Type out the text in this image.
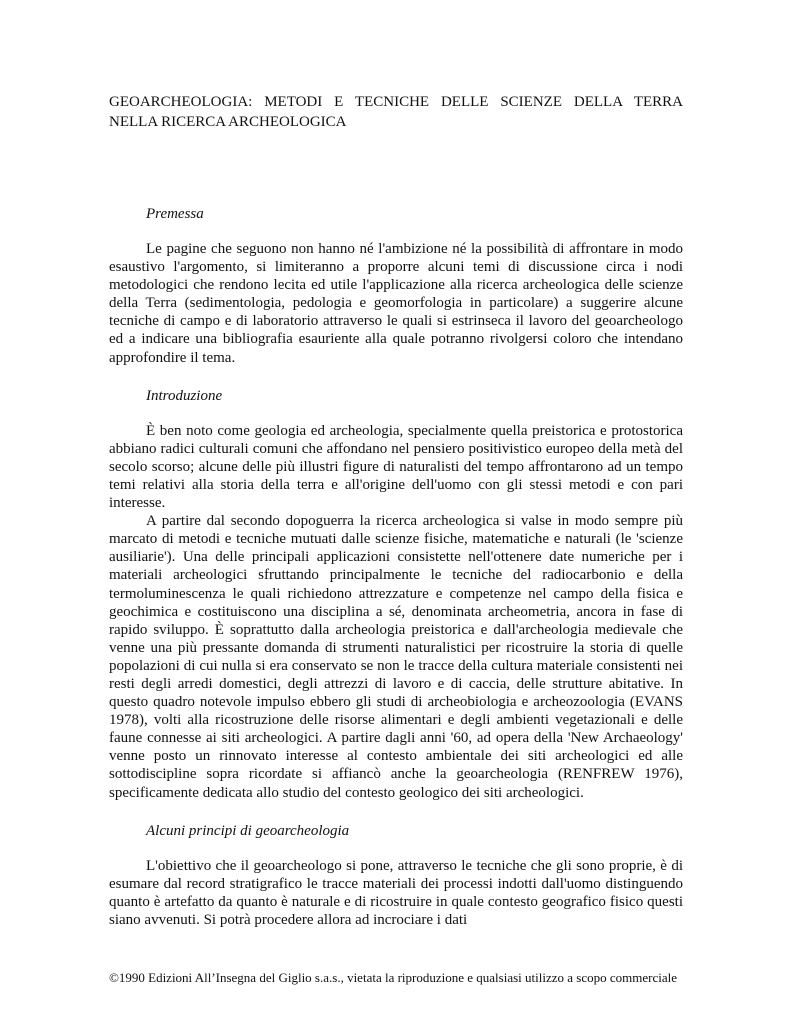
GEOARCHEOLOGIA: METODI E TECNICHE DELLE SCIENZE DELLA TERRA
NELLA RICERCA ARCHEOLOGICA
Premessa

Le pagine che seguono non hanno né l'ambizione né la possibilità di affrontare in modo esaustivo l'argomento, si limiteranno a proporre alcuni temi di discussione circa i nodi metodologici che rendono lecita ed utile l'applicazione alla ricerca archeologica delle scienze della Terra (sedimentologia, pedologia e geomorfologia in particolare) a suggerire alcune tecniche di campo e di laboratorio attraverso le quali si estrinseca il lavoro del geoarcheologo ed a indicare una bibliografia esauriente alla quale potranno rivolgersi coloro che intendano approfondire il tema.

Introduzione

È ben noto come geologia ed archeologia, specialmente quella preistorica e protostorica abbiano radici culturali comuni che affondano nel pensiero positivistico europeo della metà del secolo scorso; alcune delle più illustri figure di naturalisti del tempo affrontarono ad un tempo temi relativi alla storia della terra e all'origine dell'uomo con gli stessi metodi e con pari interesse.

A partire dal secondo dopoguerra la ricerca archeologica si valse in modo sempre più marcato di metodi e tecniche mutuati dalle scienze fisiche, matematiche e naturali (le 'scienze ausiliarie'). Una delle principali applicazioni consistette nell'ottenere date numeriche per i materiali archeologici sfruttando principalmente le tecniche del radiocarbonio e della termoluminescenza le quali richiedono attrezzature e competenze nel campo della fisica e geochimica e costituiscono una disciplina a sé, denominata archeometria, ancora in fase di rapido sviluppo. È soprattutto dalla archeologia preistorica e dall'archeologia medievale che venne una più pressante domanda di strumenti naturalistici per ricostruire la storia di quelle popolazioni di cui nulla si era conservato se non le tracce della cultura materiale consistenti nei resti degli arredi domestici, degli attrezzi di lavoro e di caccia, delle strutture abitative. In questo quadro notevole impulso ebbero gli studi di archeobiologia e archeozoologia (EVANS 1978), volti alla ricostruzione delle risorse alimentari e degli ambienti vegetazionali e delle faune connesse ai siti archeologici. A partire dagli anni '60, ad opera della 'New Archaeology' venne posto un rinnovato interesse al contesto ambientale dei siti archeologici ed alle sottodiscipline sopra ricordate si affiancò anche la geoarcheologia (RENFREW 1976), specificamente dedicata allo studio del contesto geologico dei siti archeologici.

Alcuni principi di geoarcheologia

L'obiettivo che il geoarcheologo si pone, attraverso le tecniche che gli sono proprie, è di esumare dal record stratigrafico le tracce materiali dei processi indotti dall'uomo distinguendo quanto è artefatto da quanto è naturale e di ricostruire in quale contesto geografico fisico questi siano avvenuti. Si potrà procedere allora ad incrociare i dati

©1990 Edizioni All’Insegna del Giglio s.a.s., vietata la riproduzione e qualsiasi utilizzo a scopo commerciale
